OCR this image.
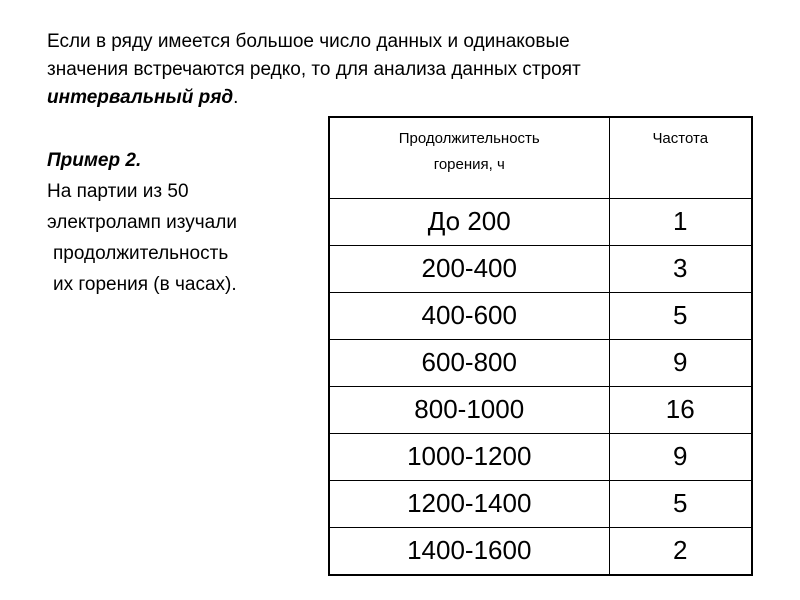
Если в ряду имеется большое число данных и одинаковые
значения встречаются редко, то для анализа данных строят
интервальный ряд.
Пример 2.
На партии из 50
электроламп изучали
продолжительность
их горения (в часах).
Продолжительность
горения, ч	Частота
До 200	1
200-400	3
400-600	5
600-800	9
800-1000	16
1000-1200	9
1200-1400	5
1400-1600	2
